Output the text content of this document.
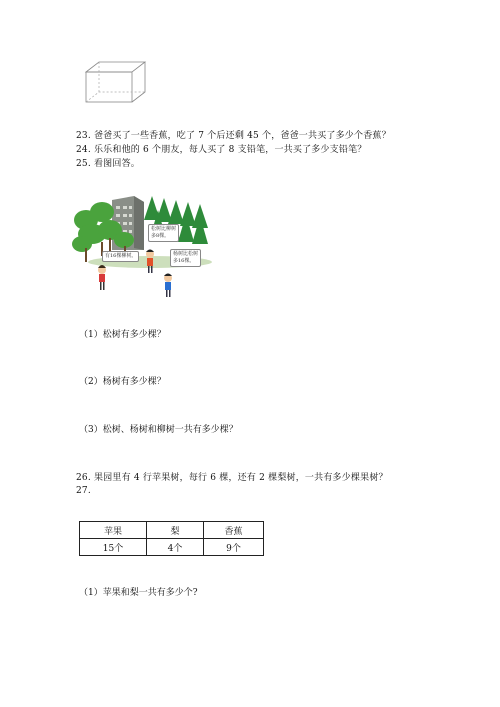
23. 爸爸买了一些香蕉，吃了 7 个后还剩 45 个，爸爸一共买了多少个香蕉？
24. 乐乐和他的 6 个朋友，每人买了 8 支铅笔，一共买了多少支铅笔？
25. 看图回答。
松树比柳树
多8棵。
杨树比松树
多16棵。
有16棵柳树。
（1）松树有多少棵？
（2）杨树有多少棵？
（3）松树、杨树和柳树一共有多少棵？
26. 果园里有 4 行苹果树，每行 6 棵，还有 2 棵梨树，一共有多少棵果树？
27.
苹果	梨	香蕉
15个	4个	9个
（1）苹果和梨一共有多少个?
